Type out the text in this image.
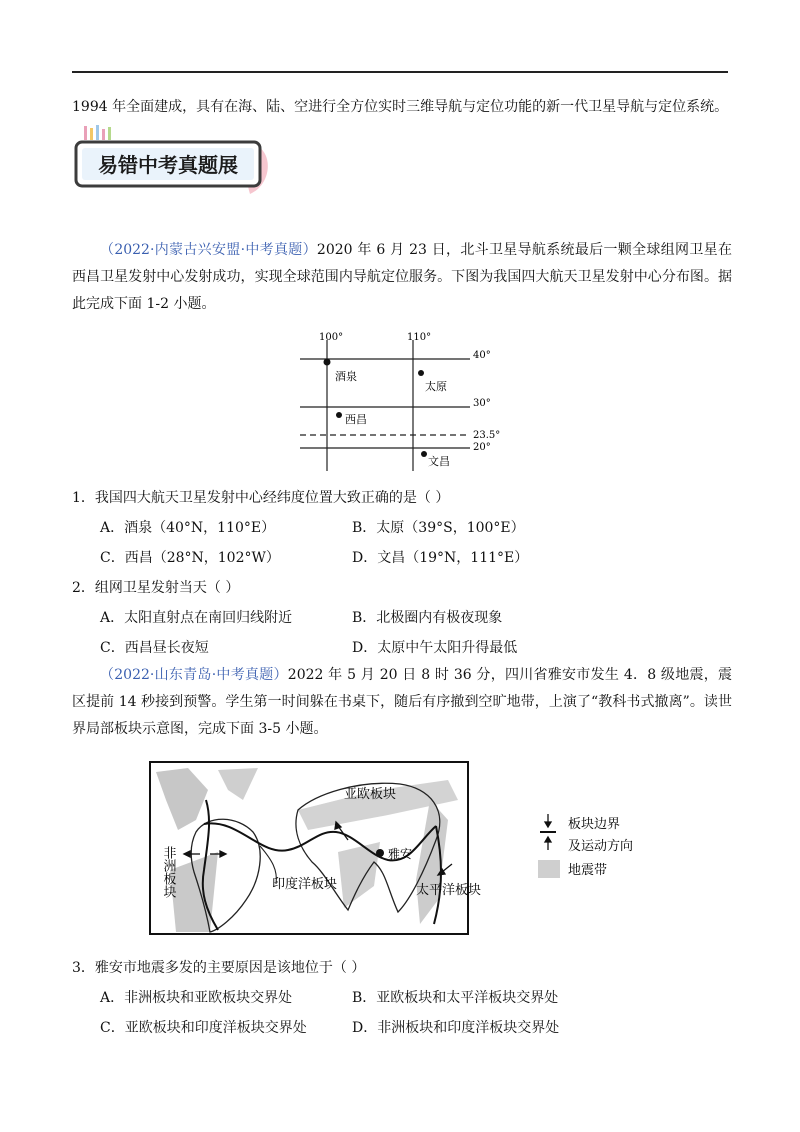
1994 年全面建成，具有在海、陆、空进行全方位实时三维导航与定位功能的新一代卫星导航与定位系统。
易错中考真题展
（2022·内蒙古兴安盟·中考真题）2020 年 6 月 23 日，北斗卫星导航系统最后一颗全球组网卫星在西昌卫星发射中心发射成功，实现全球范围内导航定位服务。下图为我国四大航天卫星发射中心分布图。据此完成下面 1-2 小题。
100°	110°
40°
30°
23.5°
20°
酒泉
太原
西昌
文昌
1．我国四大航天卫星发射中心经纬度位置大致正确的是（ ）
A．酒泉（40°N，110°E）	B．太原（39°S，100°E）
C．西昌（28°N，102°W）	D．文昌（19°N，111°E）
2．组网卫星发射当天（ ）
A．太阳直射点在南回归线附近	B．北极圈内有极夜现象
C．西昌昼长夜短	D．太原中午太阳升得最低
（2022·山东青岛·中考真题）2022 年 5 月 20 日 8 时 36 分，四川省雅安市发生 4．8 级地震，震区提前 14 秒接到预警。学生第一时间躲在书桌下，随后有序撤到空旷地带，上演了“教科书式撤离”。读世界局部板块示意图，完成下面 3-5 小题。
亚欧板块
非洲板块	印度洋板块
雅安
太平洋板块
板块边界
及运动方向
地震带
3．雅安市地震多发的主要原因是该地位于（ ）
A．非洲板块和亚欧板块交界处	B．亚欧板块和太平洋板块交界处
C．亚欧板块和印度洋板块交界处	D．非洲板块和印度洋板块交界处
